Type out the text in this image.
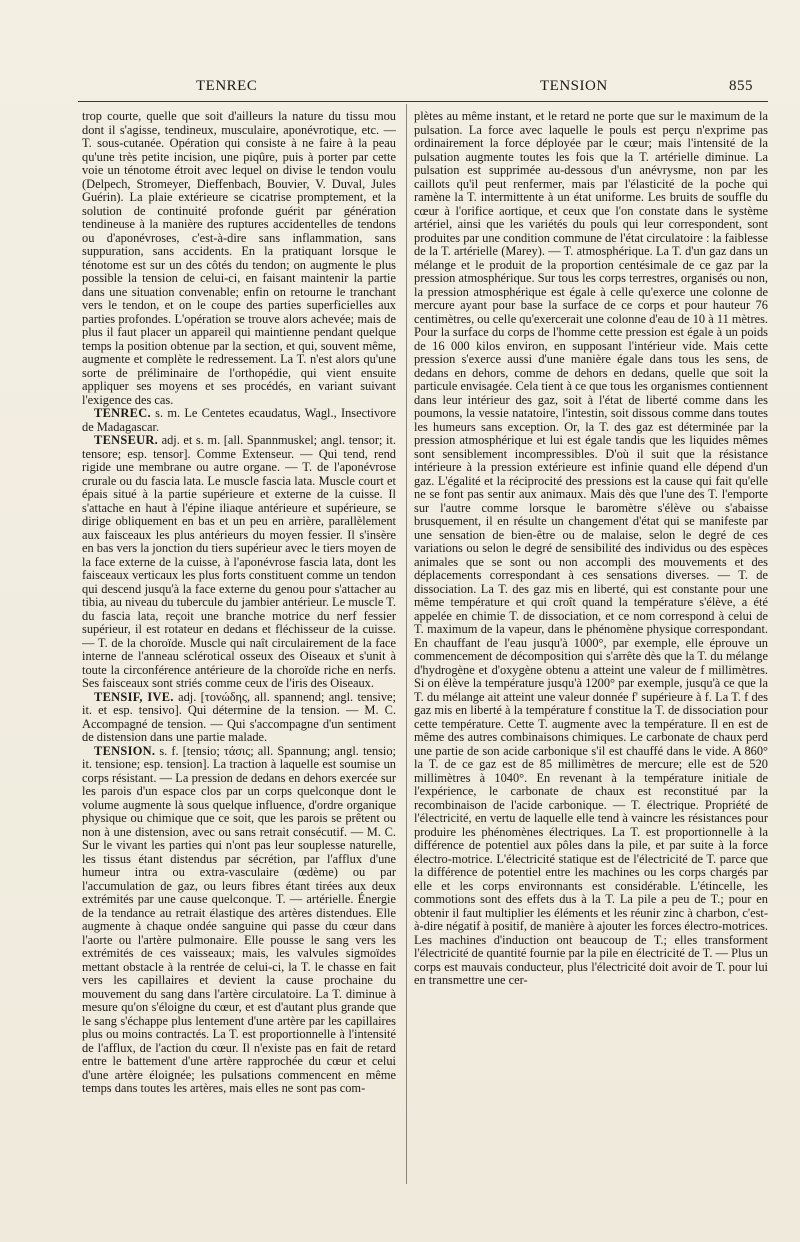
TENREC	TENSION	855

trop courte, quelle que soit d'ailleurs la nature du tissu mou dont il s'agisse, tendineux, musculaire, aponévrotique, etc. — T. sous-cutanée. Opération qui consiste à ne faire à la peau qu'une très petite incision, une piqûre, puis à porter par cette voie un ténotome étroit avec lequel on divise le tendon voulu (Delpech, Stromeyer, Dieffenbach, Bouvier, V. Duval, Jules Guérin). La plaie extérieure se cicatrise promptement, et la solution de continuité profonde guérit par génération tendineuse à la manière des ruptures accidentelles de tendons ou d'aponévroses, c'est-à-dire sans inflammation, sans suppuration, sans accidents. En la pratiquant lorsque le ténotome est sur un des côtés du tendon; on augmente le plus possible la tension de celui-ci, en faisant maintenir la partie dans une situation convenable; enfin on retourne le tranchant vers le tendon, et on le coupe des parties superficielles aux parties profondes. L'opération se trouve alors achevée; mais de plus il faut placer un appareil qui maintienne pendant quelque temps la position obtenue par la section, et qui, souvent même, augmente et complète le redressement. La T. n'est alors qu'une sorte de préliminaire de l'orthopédie, qui vient ensuite appliquer ses moyens et ses procédés, en variant suivant l'exigence des cas.

TENREC. s. m. Le Centetes ecaudatus, Wagl., Insectivore de Madagascar.

TENSEUR. adj. et s. m. [all. Spannmuskel; angl. tensor; it. tensore; esp. tensor]. Comme Extenseur. — Qui tend, rend rigide une membrane ou autre organe. — T. de l'aponévrose crurale ou du fascia lata. Le muscle fascia lata. Muscle court et épais situé à la partie supérieure et externe de la cuisse. Il s'attache en haut à l'épine iliaque antérieure et supérieure, se dirige obliquement en bas et un peu en arrière, parallèlement aux faisceaux les plus antérieurs du moyen fessier. Il s'insère en bas vers la jonction du tiers supérieur avec le tiers moyen de la face externe de la cuisse, à l'aponévrose fascia lata, dont les faisceaux verticaux les plus forts constituent comme un tendon qui descend jusqu'à la face externe du genou pour s'attacher au tibia, au niveau du tubercule du jambier antérieur. Le muscle T. du fascia lata, reçoit une branche motrice du nerf fessier supérieur, il est rotateur en dedans et fléchisseur de la cuisse. — T. de la choroïde. Muscle qui naît circulairement de la face interne de l'anneau sclérotical osseux des Oiseaux et s'unit à toute la circonférence antérieure de la choroïde riche en nerfs. Ses faisceaux sont striés comme ceux de l'iris des Oiseaux.

TENSIF, IVE. adj. [τονώδης, all. spannend; angl. tensive; it. et esp. tensivo]. Qui détermine de la tension. — M. C. Accompagné de tension. — Qui s'accompagne d'un sentiment de distension dans une partie malade.

TENSION. s. f. [tensio; τάσις; all. Spannung; angl. tensio; it. tensione; esp. tension]. La traction à laquelle est soumise un corps résistant. — La pression de dedans en dehors exercée sur les parois d'un espace clos par un corps quelconque dont le volume augmente là sous quelque influence, d'ordre organique physique ou chimique que ce soit, que les parois se prêtent ou non à une distension, avec ou sans retrait consécutif. — M. C. Sur le vivant les parties qui n'ont pas leur souplesse naturelle, les tissus étant distendus par sécrétion, par l'afflux d'une humeur intra ou extra-vasculaire (œdème) ou par l'accumulation de gaz, ou leurs fibres étant tirées aux deux extrémités par une cause quelconque. T. — artérielle. Énergie de la tendance au retrait élastique des artères distendues. Elle augmente à chaque ondée sanguine qui passe du cœur dans l'aorte ou l'artère pulmonaire. Elle pousse le sang vers les extrémités de ces vaisseaux; mais, les valvules sigmoïdes mettant obstacle à la rentrée de celui-ci, la T. le chasse en fait vers les capillaires et devient la cause prochaine du mouvement du sang dans l'artère circulatoire. La T. diminue à mesure qu'on s'éloigne du cœur, et est d'autant plus grande que le sang s'échappe plus lentement d'une artère par les capillaires plus ou moins contractés. La T. est proportionnelle à l'intensité de l'afflux, de l'action du cœur. Il n'existe pas en fait de retard entre le battement d'une artère rapprochée du cœur et celui d'une artère éloignée; les pulsations commencent en même temps dans toutes les artères, mais elles ne sont pas com-

plètes au même instant, et le retard ne porte que sur le maximum de la pulsation. La force avec laquelle le pouls est perçu n'exprime pas ordinairement la force déployée par le cœur; mais l'intensité de la pulsation augmente toutes les fois que la T. artérielle diminue. La pulsation est supprimée au-dessous d'un anévrysme, non par les caillots qu'il peut renfermer, mais par l'élasticité de la poche qui ramène la T. intermittente à un état uniforme. Les bruits de souffle du cœur à l'orifice aortique, et ceux que l'on constate dans le système artériel, ainsi que les variétés du pouls qui leur correspondent, sont produites par une condition commune de l'état circulatoire : la faiblesse de la T. artérielle (Marey). — T. atmosphérique. La T. d'un gaz dans un mélange et le produit de la proportion centésimale de ce gaz par la pression atmosphérique. Sur tous les corps terrestres, organisés ou non, la pression atmosphérique est égale à celle qu'exerce une colonne de mercure ayant pour base la surface de ce corps et pour hauteur 76 centimètres, ou celle qu'exercerait une colonne d'eau de 10 à 11 mètres. Pour la surface du corps de l'homme cette pression est égale à un poids de 16 000 kilos environ, en supposant l'intérieur vide. Mais cette pression s'exerce aussi d'une manière égale dans tous les sens, de dedans en dehors, comme de dehors en dedans, quelle que soit la particule envisagée. Cela tient à ce que tous les organismes contiennent dans leur intérieur des gaz, soit à l'état de liberté comme dans les poumons, la vessie natatoire, l'intestin, soit dissous comme dans toutes les humeurs sans exception. Or, la T. des gaz est déterminée par la pression atmosphérique et lui est égale tandis que les liquides mêmes sont sensiblement incompressibles. D'où il suit que la résistance intérieure à la pression extérieure est infinie quand elle dépend d'un gaz. L'égalité et la réciprocité des pressions est la cause qui fait qu'elle ne se font pas sentir aux animaux. Mais dès que l'une des T. l'emporte sur l'autre comme lorsque le baromètre s'élève ou s'abaisse brusquement, il en résulte un changement d'état qui se manifeste par une sensation de bien-être ou de malaise, selon le degré de ces variations ou selon le degré de sensibilité des individus ou des espèces animales que se sont ou non accompli des mouvements et des déplacements correspondant à ces sensations diverses. — T. de dissociation. La T. des gaz mis en liberté, qui est constante pour une même température et qui croît quand la température s'élève, a été appelée en chimie T. de dissociation, et ce nom correspond à celui de T. maximum de la vapeur, dans le phénomène physique correspondant. En chauffant de l'eau jusqu'à 1000°, par exemple, elle éprouve un commencement de décomposition qui s'arrête dès que la T. du mélange d'hydrogène et d'oxygène obtenu a atteint une valeur de f millimètres. Si on élève la température jusqu'à 1200° par exemple, jusqu'à ce que la T. du mélange ait atteint une valeur donnée f' supérieure à f. La T. f des gaz mis en liberté à la température f constitue la T. de dissociation pour cette température. Cette T. augmente avec la température. Il en est de même des autres combinaisons chimiques. Le carbonate de chaux perd une partie de son acide carbonique s'il est chauffé dans le vide. A 860° la T. de ce gaz est de 85 millimètres de mercure; elle est de 520 millimètres à 1040°. En revenant à la température initiale de l'expérience, le carbonate de chaux est reconstitué par la recombinaison de l'acide carbonique. — T. électrique. Propriété de l'électricité, en vertu de laquelle elle tend à vaincre les résistances pour produire les phénomènes électriques. La T. est proportionnelle à la différence de potentiel aux pôles dans la pile, et par suite à la force électro-motrice. L'électricité statique est de l'électricité de T. parce que la différence de potentiel entre les machines ou les corps chargés par elle et les corps environnants est considérable. L'étincelle, les commotions sont des effets dus à la T. La pile a peu de T.; pour en obtenir il faut multiplier les éléments et les réunir zinc à charbon, c'est-à-dire négatif à positif, de manière à ajouter les forces électro-motrices. Les machines d'induction ont beaucoup de T.; elles transforment l'électricité de quantité fournie par la pile en électricité de T. — Plus un corps est mauvais conducteur, plus l'électricité doit avoir de T. pour lui en transmettre une cer-
